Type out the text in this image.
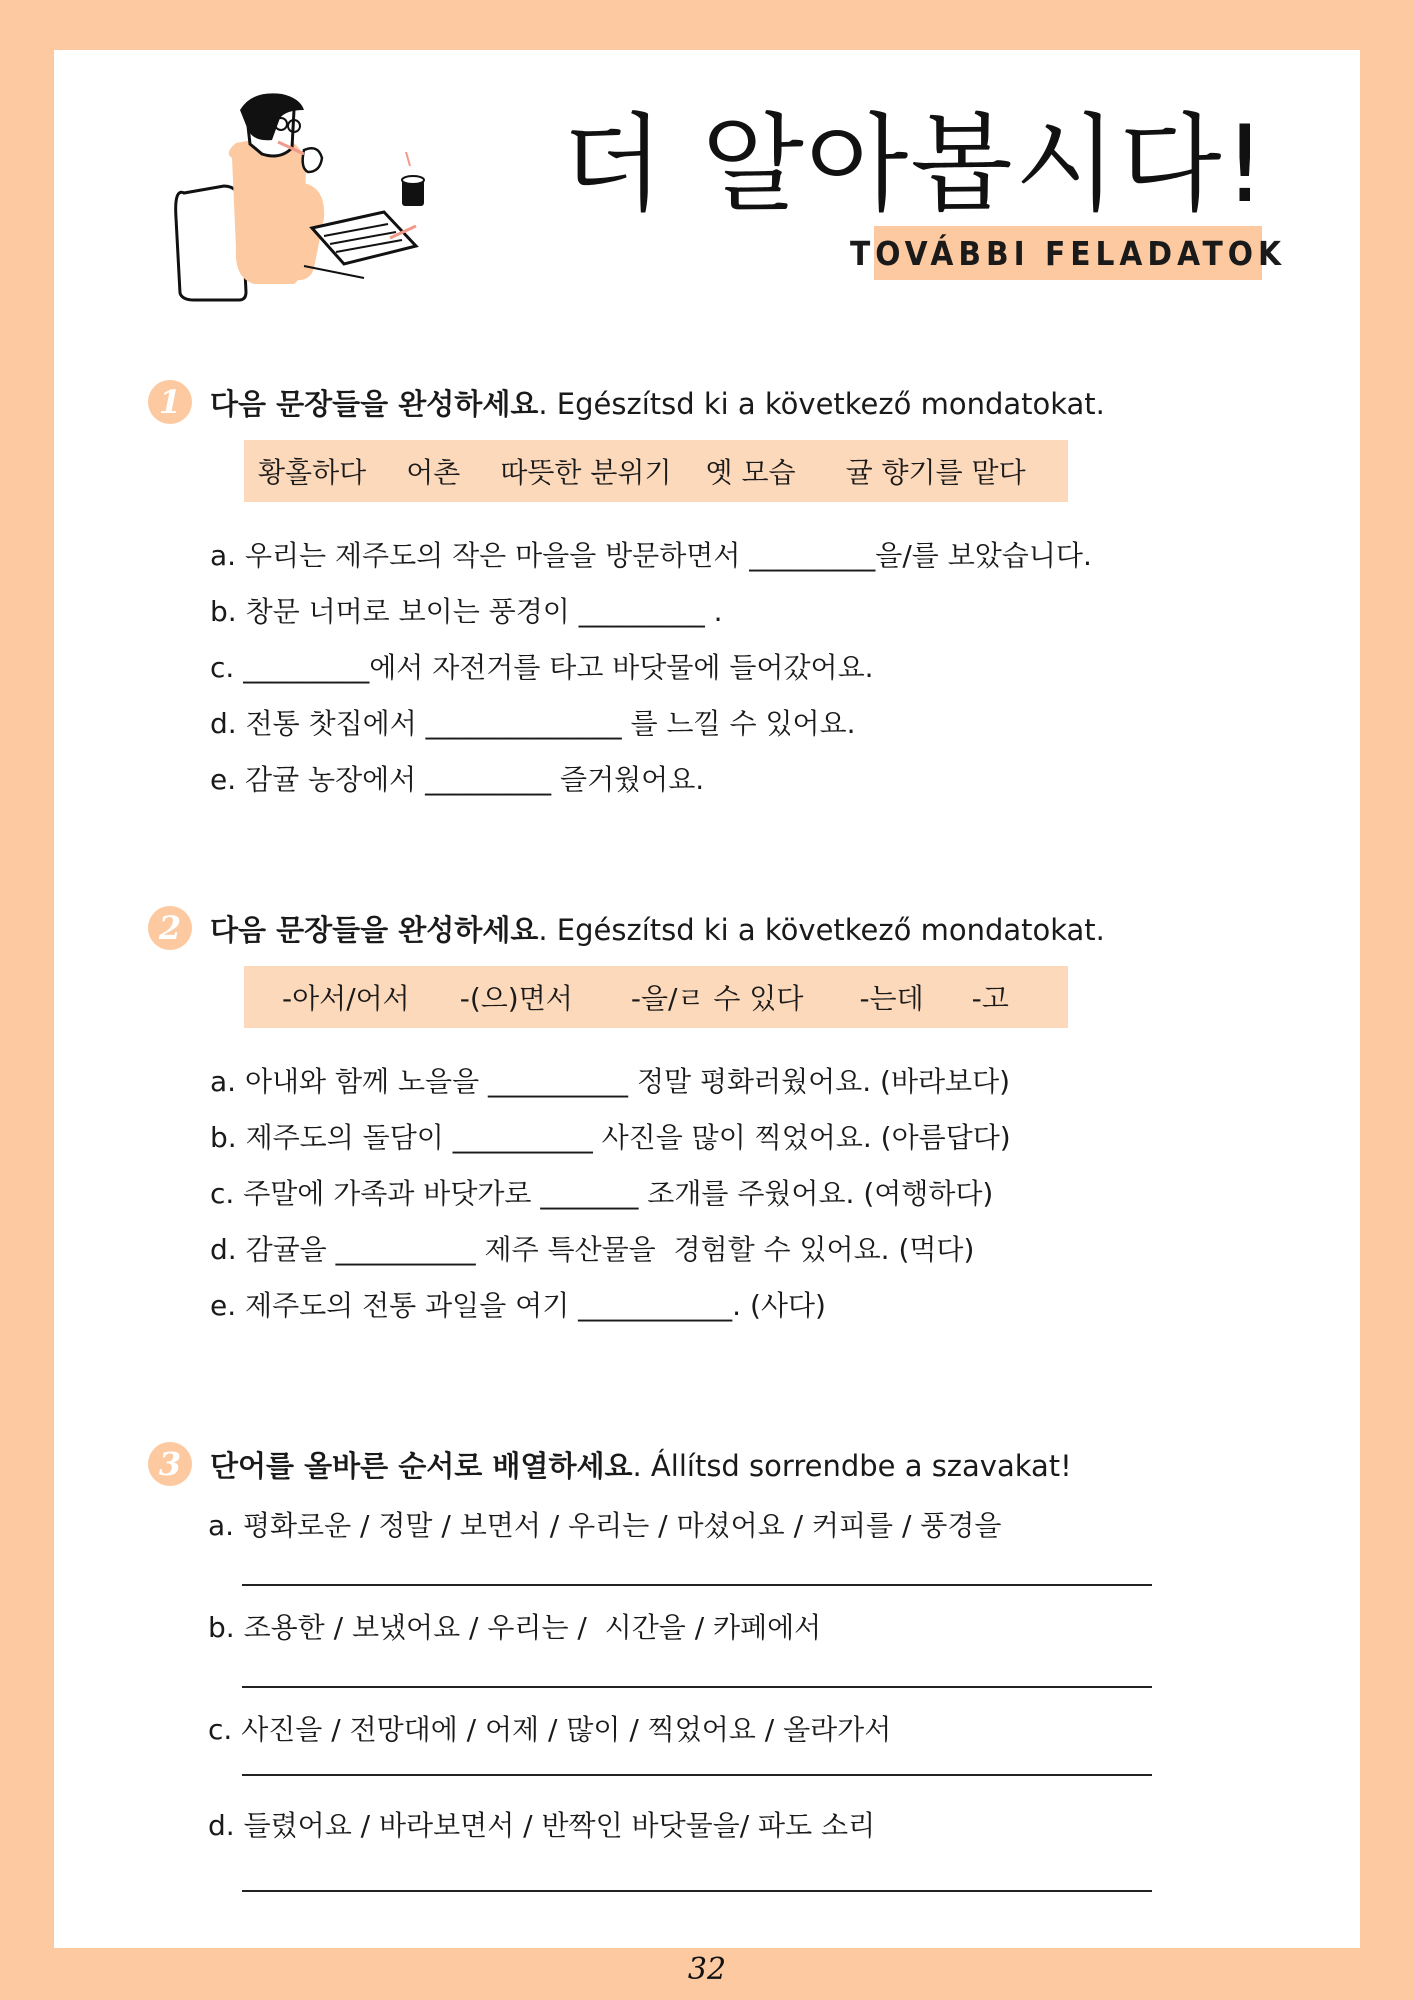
더 알아봅시다!
TOVÁBBI FELADATOK
1 다음 문장들을 완성하세요. Egészítsd ki a következő mondatokat.
황홀하다 어촌 따뜻한 분위기 옛 모습 귤 향기를 맡다
a. 우리는 제주도의 작은 마을을 방문하면서 _________을/를 보았습니다.
b. 창문 너머로 보이는 풍경이 _________ .
c. _________에서 자전거를 타고 바닷물에 들어갔어요.
d. 전통 찻집에서 ______________ 를 느낄 수 있어요.
e. 감귤 농장에서 _________ 즐거웠어요.
2 다음 문장들을 완성하세요. Egészítsd ki a következő mondatokat.
-아서/어서 -(으)면서 -을/ㄹ 수 있다 -는데 -고
a. 아내와 함께 노을을 __________ 정말 평화러웠어요. (바라보다)
b. 제주도의 돌담이 __________ 사진을 많이 찍었어요. (아름답다)
c. 주말에 가족과 바닷가로 _______ 조개를 주웠어요. (여행하다)
d. 감귤을 __________ 제주 특산물을  경험할 수 있어요. (먹다)
e. 제주도의 전통 과일을 여기 ___________. (사다)
3 단어를 올바른 순서로 배열하세요. Állítsd sorrendbe a szavakat!
a. 평화로운 / 정말 / 보면서 / 우리는 / 마셨어요 / 커피를 / 풍경을
b. 조용한 / 보냈어요 / 우리는 /  시간을 / 카페에서
c. 사진을 / 전망대에 / 어제 / 많이 / 찍었어요 / 올라가서
d. 들렸어요 / 바라보면서 / 반짝인 바닷물을/ 파도 소리
32
